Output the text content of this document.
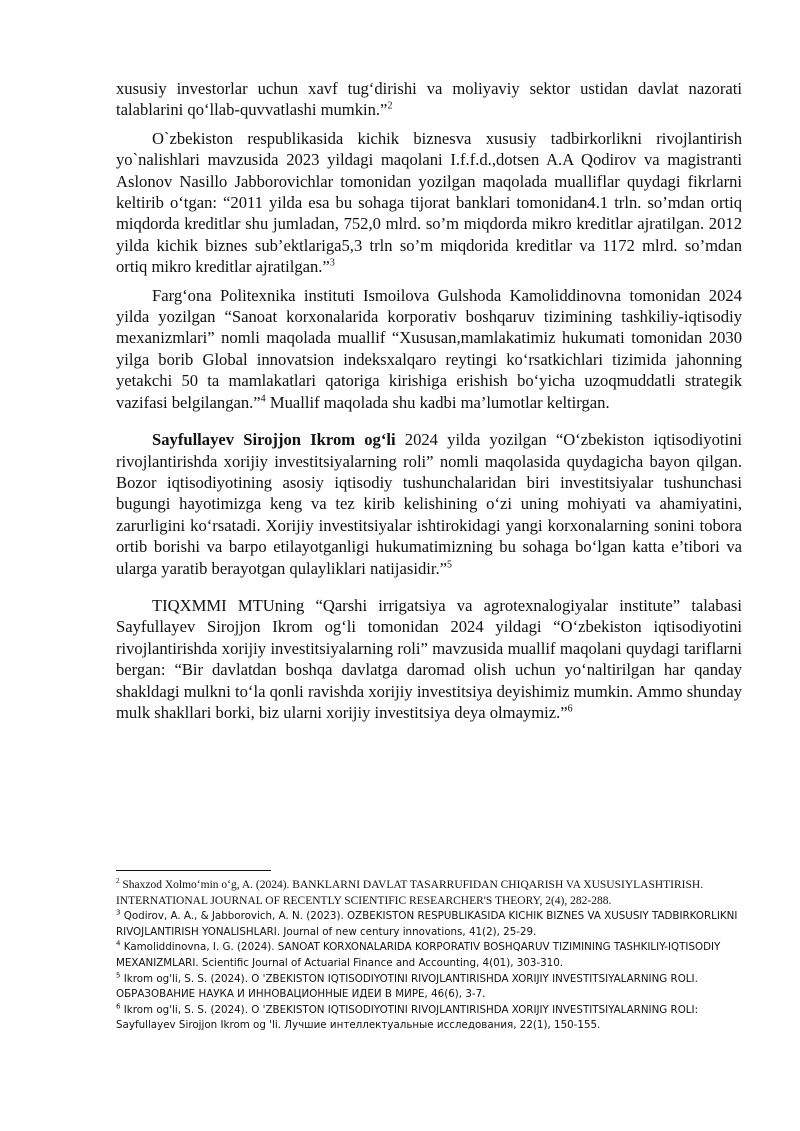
xususiy investorlar uchun xavf tug‘dirishi va moliyaviy sektor ustidan davlat nazorati talablarini qo‘llab-quvvatlashi mumkin.”$^2$

O`zbekiston respublikasida kichik biznesva xususiy tadbirkorlikni rivojlantirish yo`nalishlari mavzusida 2023 yildagi maqolani I.f.f.d.,dotsen A.A Qodirov va magistranti Aslonov Nasillo Jabborovichlar tomonidan yozilgan maqolada mualliflar quydagi fikrlarni keltirib o‘tgan: “2011 yilda esa bu sohaga tijorat banklari tomonidan4.1 trln. so’mdan ortiq miqdorda kreditlar shu jumladan, 752,0 mlrd. so’m miqdorda mikro kreditlar ajratilgan. 2012 yilda kichik biznes sub’ektlariga5,3 trln so’m miqdorida kreditlar va 1172 mlrd. so’mdan ortiq mikro kreditlar ajratilgan.”$^3$

Farg‘ona Politexnika instituti Ismoilova Gulshoda Kamoliddinovna tomonidan 2024 yilda yozilgan “Sanoat korxonalarida korporativ boshqaruv tizimining tashkiliy-iqtisodiy mexanizmlari” nomli maqolada muallif “Xususan,mamlakatimiz hukumati tomonidan 2030 yilga borib Global innovatsion indeksxalqaro reytingi ko‘rsatkichlari tizimida jahonning yetakchi 50 ta mamlakatlari qatoriga kirishiga erishish bo‘yicha uzoqmuddatli strategik vazifasi belgilangan.”$^4$ Muallif maqolada shu kadbi ma’lumotlar keltirgan.

Sayfullayev Sirojjon Ikrom og‘li 2024 yilda yozilgan “O‘zbekiston iqtisodiyotini rivojlantirishda xorijiy investitsiyalarning roli” nomli maqolasida quydagicha bayon qilgan. Bozor iqtisodiyotining asosiy iqtisodiy tushunchalaridan biri investitsiyalar tushunchasi bugungi hayotimizga keng va tez kirib kelishining o‘zi uning mohiyati va ahamiyatini, zarurligini ko‘rsatadi. Xorijiy investitsiyalar ishtirokidagi yangi korxonalarning sonini tobora ortib borishi va barpo etilayotganligi hukumatimizning bu sohaga bo‘lgan katta e’tibori va ularga yaratib berayotgan qulayliklari natijasidir.”$^5$

TIQXMMI MTUning “Qarshi irrigatsiya va agrotexnalogiyalar institute” talabasi Sayfullayev Sirojjon Ikrom og‘li tomonidan 2024 yildagi “O‘zbekiston iqtisodiyotini rivojlantirishda xorijiy investitsiyalarning roli” mavzusida muallif maqolani quydagi tariflarni bergan: “Bir davlatdan boshqa davlatga daromad olish uchun yo‘naltirilgan har qanday shakldagi mulkni to‘la qonli ravishda xorijiy investitsiya deyishimiz mumkin. Ammo shunday mulk shakllari borki, biz ularni xorijiy investitsiya deya olmaymiz.”$^6$

$^2$ Shaxzod Xolmo‘min o‘g, A. (2024). BANKLARNI DAVLAT TASARRUFIDAN CHIQARISH VA XUSUSIYLASHTIRISH. INTERNATIONAL JOURNAL OF RECENTLY SCIENTIFIC RESEARCHER'S THEORY, 2(4), 282-288.

$^3$ Qodirov, A. A., & Jabborovich, A. N. (2023). OZBEKISTON RESPUBLIKASIDA KICHIK BIZNES VA XUSUSIY TADBIRKORLIKNI RIVOJLANTIRISH YONALISHLARI. Journal of new century innovations, 41(2), 25-29.

$^4$ Kamoliddinovna, I. G. (2024). SANOAT KORXONALARIDA KORPORATIV BOSHQARUV TIZIMINING TASHKILIY-IQTISODIY MEXANIZMLARI. Scientific Journal of Actuarial Finance and Accounting, 4(01), 303-310.

$^5$ Ikrom og'li, S. S. (2024). O 'ZBEKISTON IQTISODIYOTINI RIVOJLANTIRISHDA XORIJIY INVESTITSIYALARNING ROLI. ОБРАЗОВАНИЕ НАУКА И ИННОВАЦИОННЫЕ ИДЕИ В МИРЕ, 46(6), 3-7.

$^6$ Ikrom og'li, S. S. (2024). O 'ZBEKISTON IQTISODIYOTINI RIVOJLANTIRISHDA XORIJIY INVESTITSIYALARNING ROLI: Sayfullayev Sirojjon Ikrom og 'li. Лучшие интеллектуальные исследования, 22(1), 150-155.
